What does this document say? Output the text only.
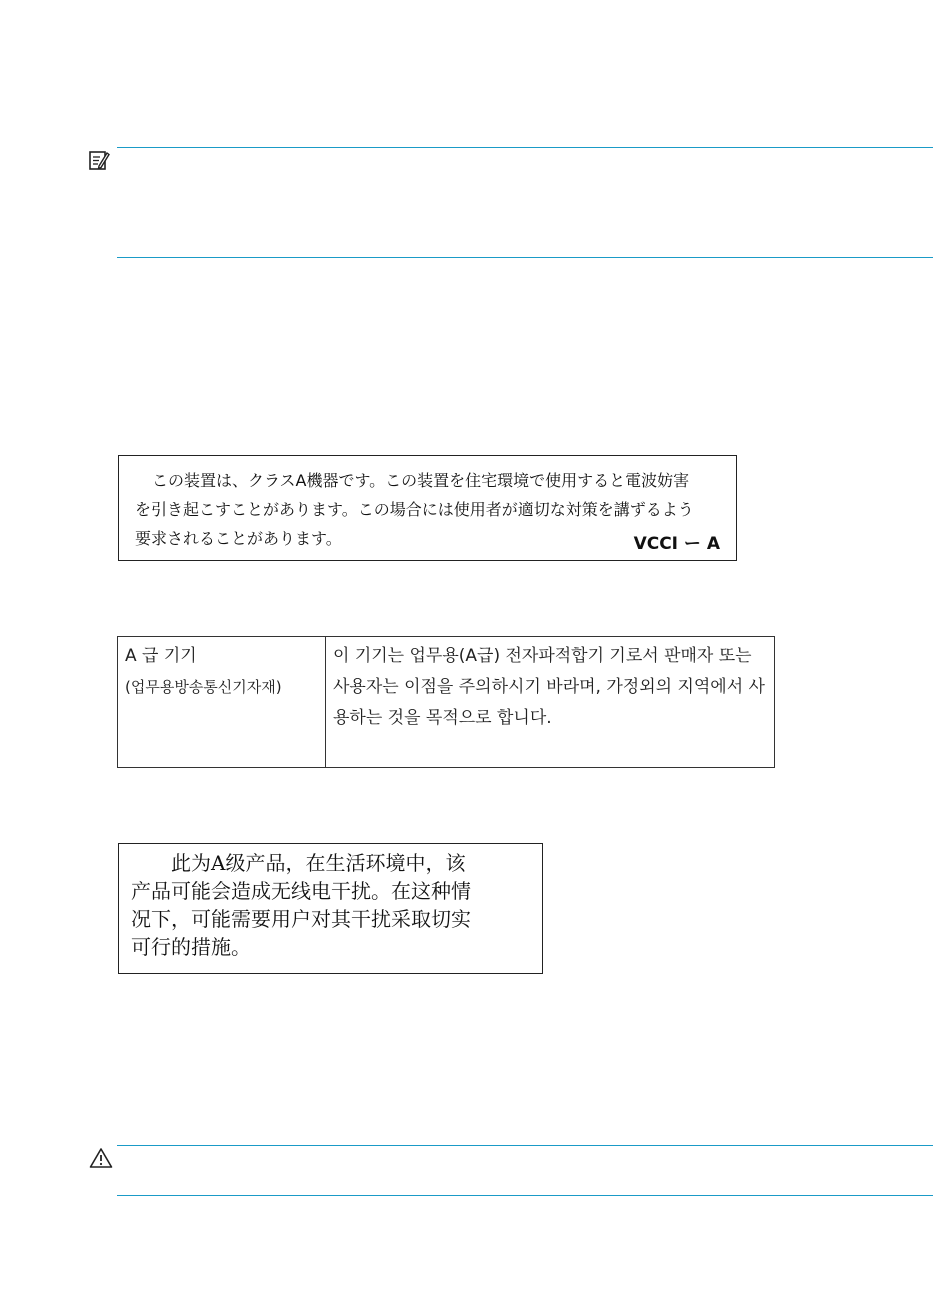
この装置は、クラスA機器です。この装置を住宅環境で使用すると電波妨害
を引き起こすことがあります。この場合には使用者が適切な対策を講ずるよう
要求されることがあります。	VCCI ー A
A 급 기기
(업무용방송통신기자재)

이 기기는 업무용(A급) 전자파적합기 기로서 판매자 또는 사용자는 이점을 주의하시기 바라며, 가정외의 지역에서 사용하는 것을 목적으로 합니다.
　　此为A级产品，在生活环境中，该
产品可能会造成无线电干扰。在这种情
况下，可能需要用户对其干扰采取切实
可行的措施。
